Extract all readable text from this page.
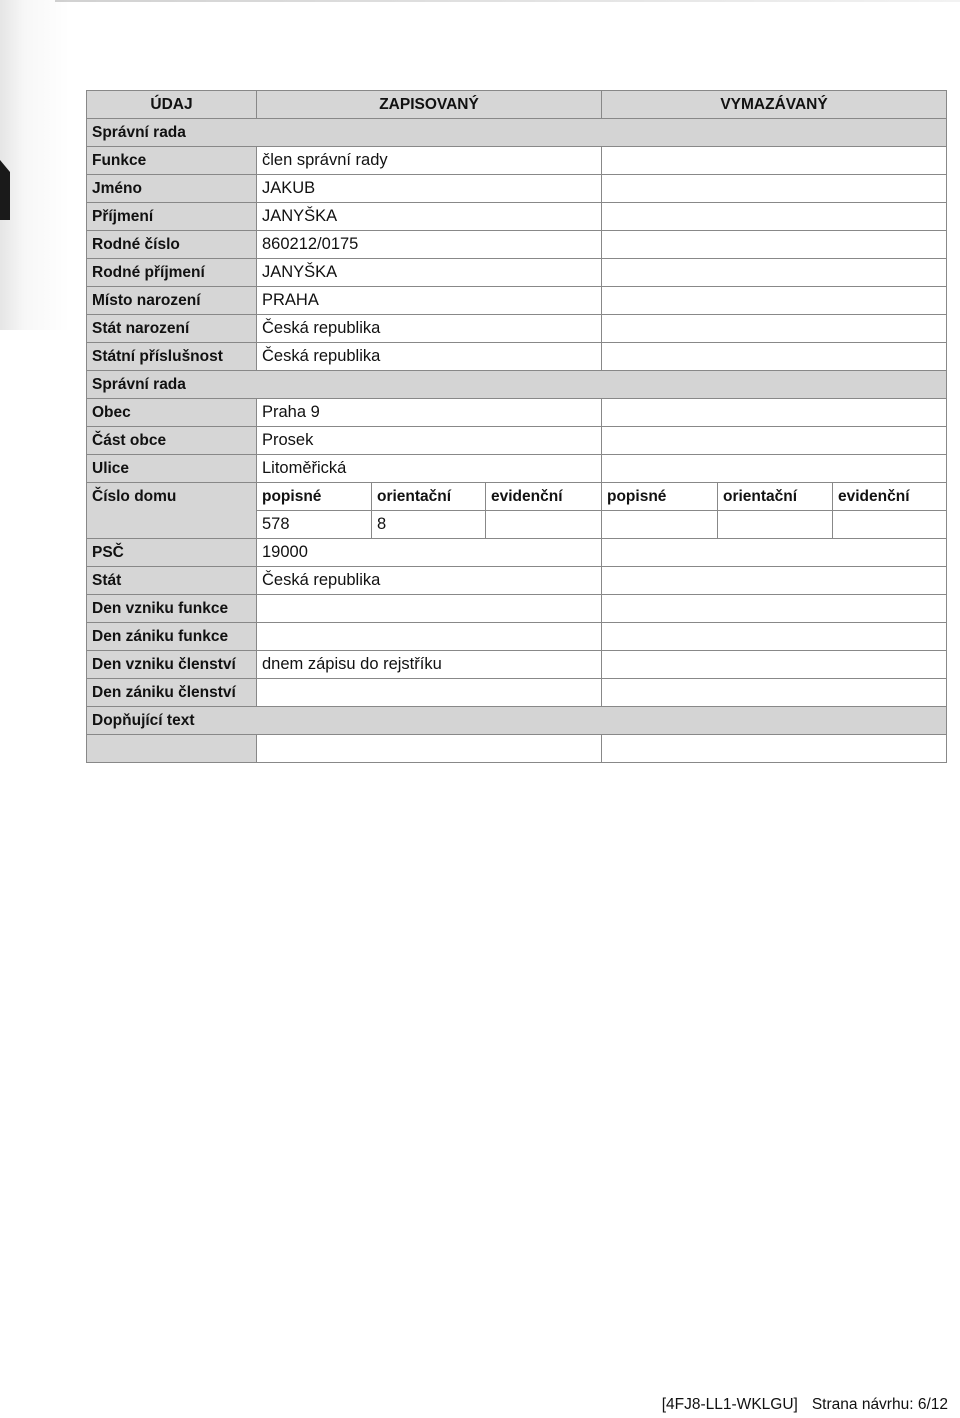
ÚDAJ	ZAPISOVANÝ			VYMAZÁVANÝ		
Správní rada						
Funkce	člen správní rady					
Jméno	JAKUB					
Příjmení	JANYŠKA					
Rodné číslo	860212/0175					
Rodné příjmení	JANYŠKA					
Místo narození	PRAHA					
Stát narození	Česká republika					
Státní příslušnost	Česká republika					
Správní rada						
Obec	Praha 9					
Část obce	Prosek					
Ulice	Litoměřická					
Číslo domu	popisné	orientační	evidenční	popisné	orientační	evidenční
	578	8				
PSČ	19000					
Stát	Česká republika					
Den vzniku funkce						
Den zániku funkce						
Den vzniku členství	dnem zápisu do rejstříku					
Den zániku členství						
Dopňující text						

[4FJ8-LL1-WKLGU] Strana návrhu: 6/12
